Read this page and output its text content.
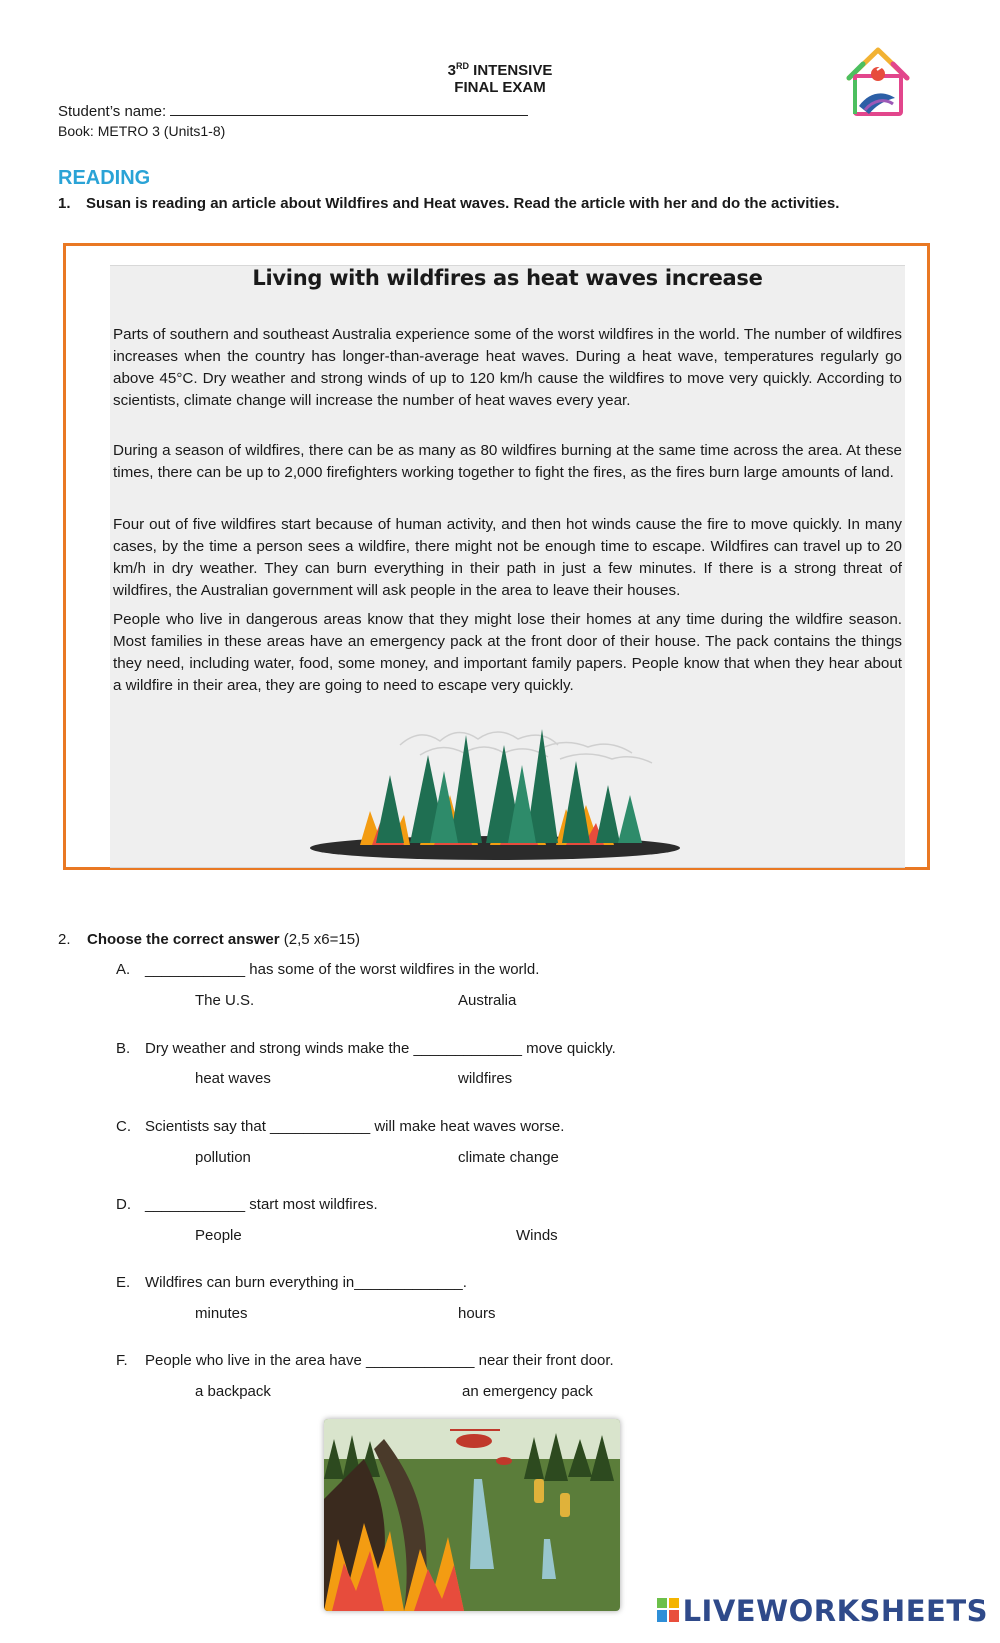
3RD INTENSIVE
FINAL EXAM
Student’s name:
Book: METRO 3 (Units1-8)
READING
1. Susan is reading an article about Wildfires and Heat waves. Read the article with her and do the activities.
Living with wildfires as heat waves increase
Parts of southern and southeast Australia experience some of the worst wildfires in the world. The number of wildfires increases when the country has longer-than-average heat waves. During a heat wave, temperatures regularly go above 45°C. Dry weather and strong winds of up to 120 km/h cause the wildfires to move very quickly. According to scientists, climate change will increase the number of heat waves every year.
During a season of wildfires, there can be as many as 80 wildfires burning at the same time across the area. At these times, there can be up to 2,000 firefighters working together to fight the fires, as the fires burn large amounts of land.
Four out of five wildfires start because of human activity, and then hot winds cause the fire to move quickly. In many cases, by the time a person sees a wildfire, there might not be enough time to escape. Wildfires can travel up to 20 km/h in dry weather. They can burn everything in their path in just a few minutes. If there is a strong threat of wildfires, the Australian government will ask people in the area to leave their houses.
People who live in dangerous areas know that they might lose their homes at any time during the wildfire season. Most families in these areas have an emergency pack at the front door of their house. The pack contains the things they need, including water, food, some money, and important family papers. People know that when they hear about a wildfire in their area, they are going to need to escape very quickly.
2. Choose the correct answer (2,5 x6=15)
A. ____________ has some of the worst wildfires in the world.
The U.S.	Australia
B. Dry weather and strong winds make the _____________ move quickly.
heat waves	wildfires
C. Scientists say that ____________ will make heat waves worse.
pollution	climate change
D. ____________ start most wildfires.
People	Winds
E. Wildfires can burn everything in_____________.
minutes	hours
F. People who live in the area have _____________ near their front door.
a backpack	an emergency pack
LIVEWORKSHEETS
